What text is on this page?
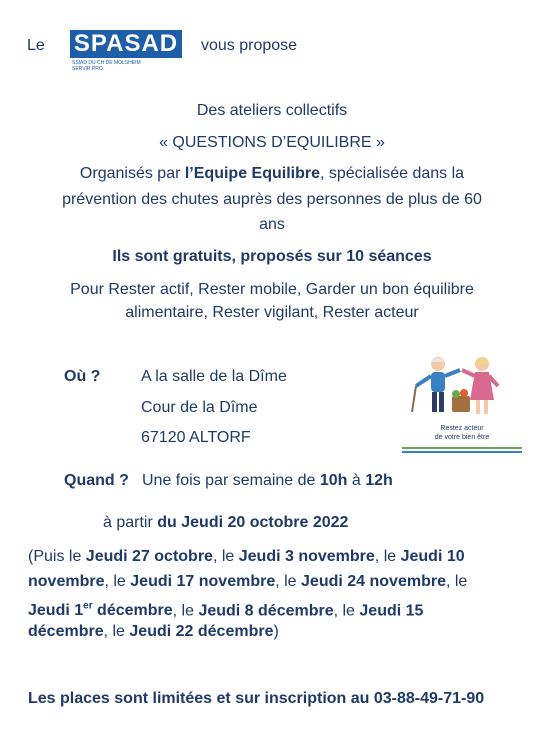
Le SPASAD
SSIAD DU CH DE MOLSHEIM
SERVIR PRO
vous propose
Des ateliers collectifs
« QUESTIONS D’EQUILIBRE »
Organisés par l’Equipe Equilibre, spécialisée dans la
prévention des chutes auprès des personnes de plus de 60
ans
Ils sont gratuits, proposés sur 10 séances
Pour Rester actif, Rester mobile, Garder un bon équilibre
alimentaire, Rester vigilant, Rester acteur
Où ?	A la salle de la Dîme
Cour de la Dîme
67120 ALTORF
Restez acteur
de votre bien être
Quand ? Une fois par semaine de 10h à 12h
à partir du Jeudi 20 octobre 2022
(Puis le Jeudi 27 octobre, le Jeudi 3 novembre, le Jeudi 10
novembre, le Jeudi 17 novembre, le Jeudi 24 novembre, le
Jeudi 1er décembre, le Jeudi 8 décembre, le Jeudi 15
décembre, le Jeudi 22 décembre)
Les places sont limitées et sur inscription au 03-88-49-71-90
